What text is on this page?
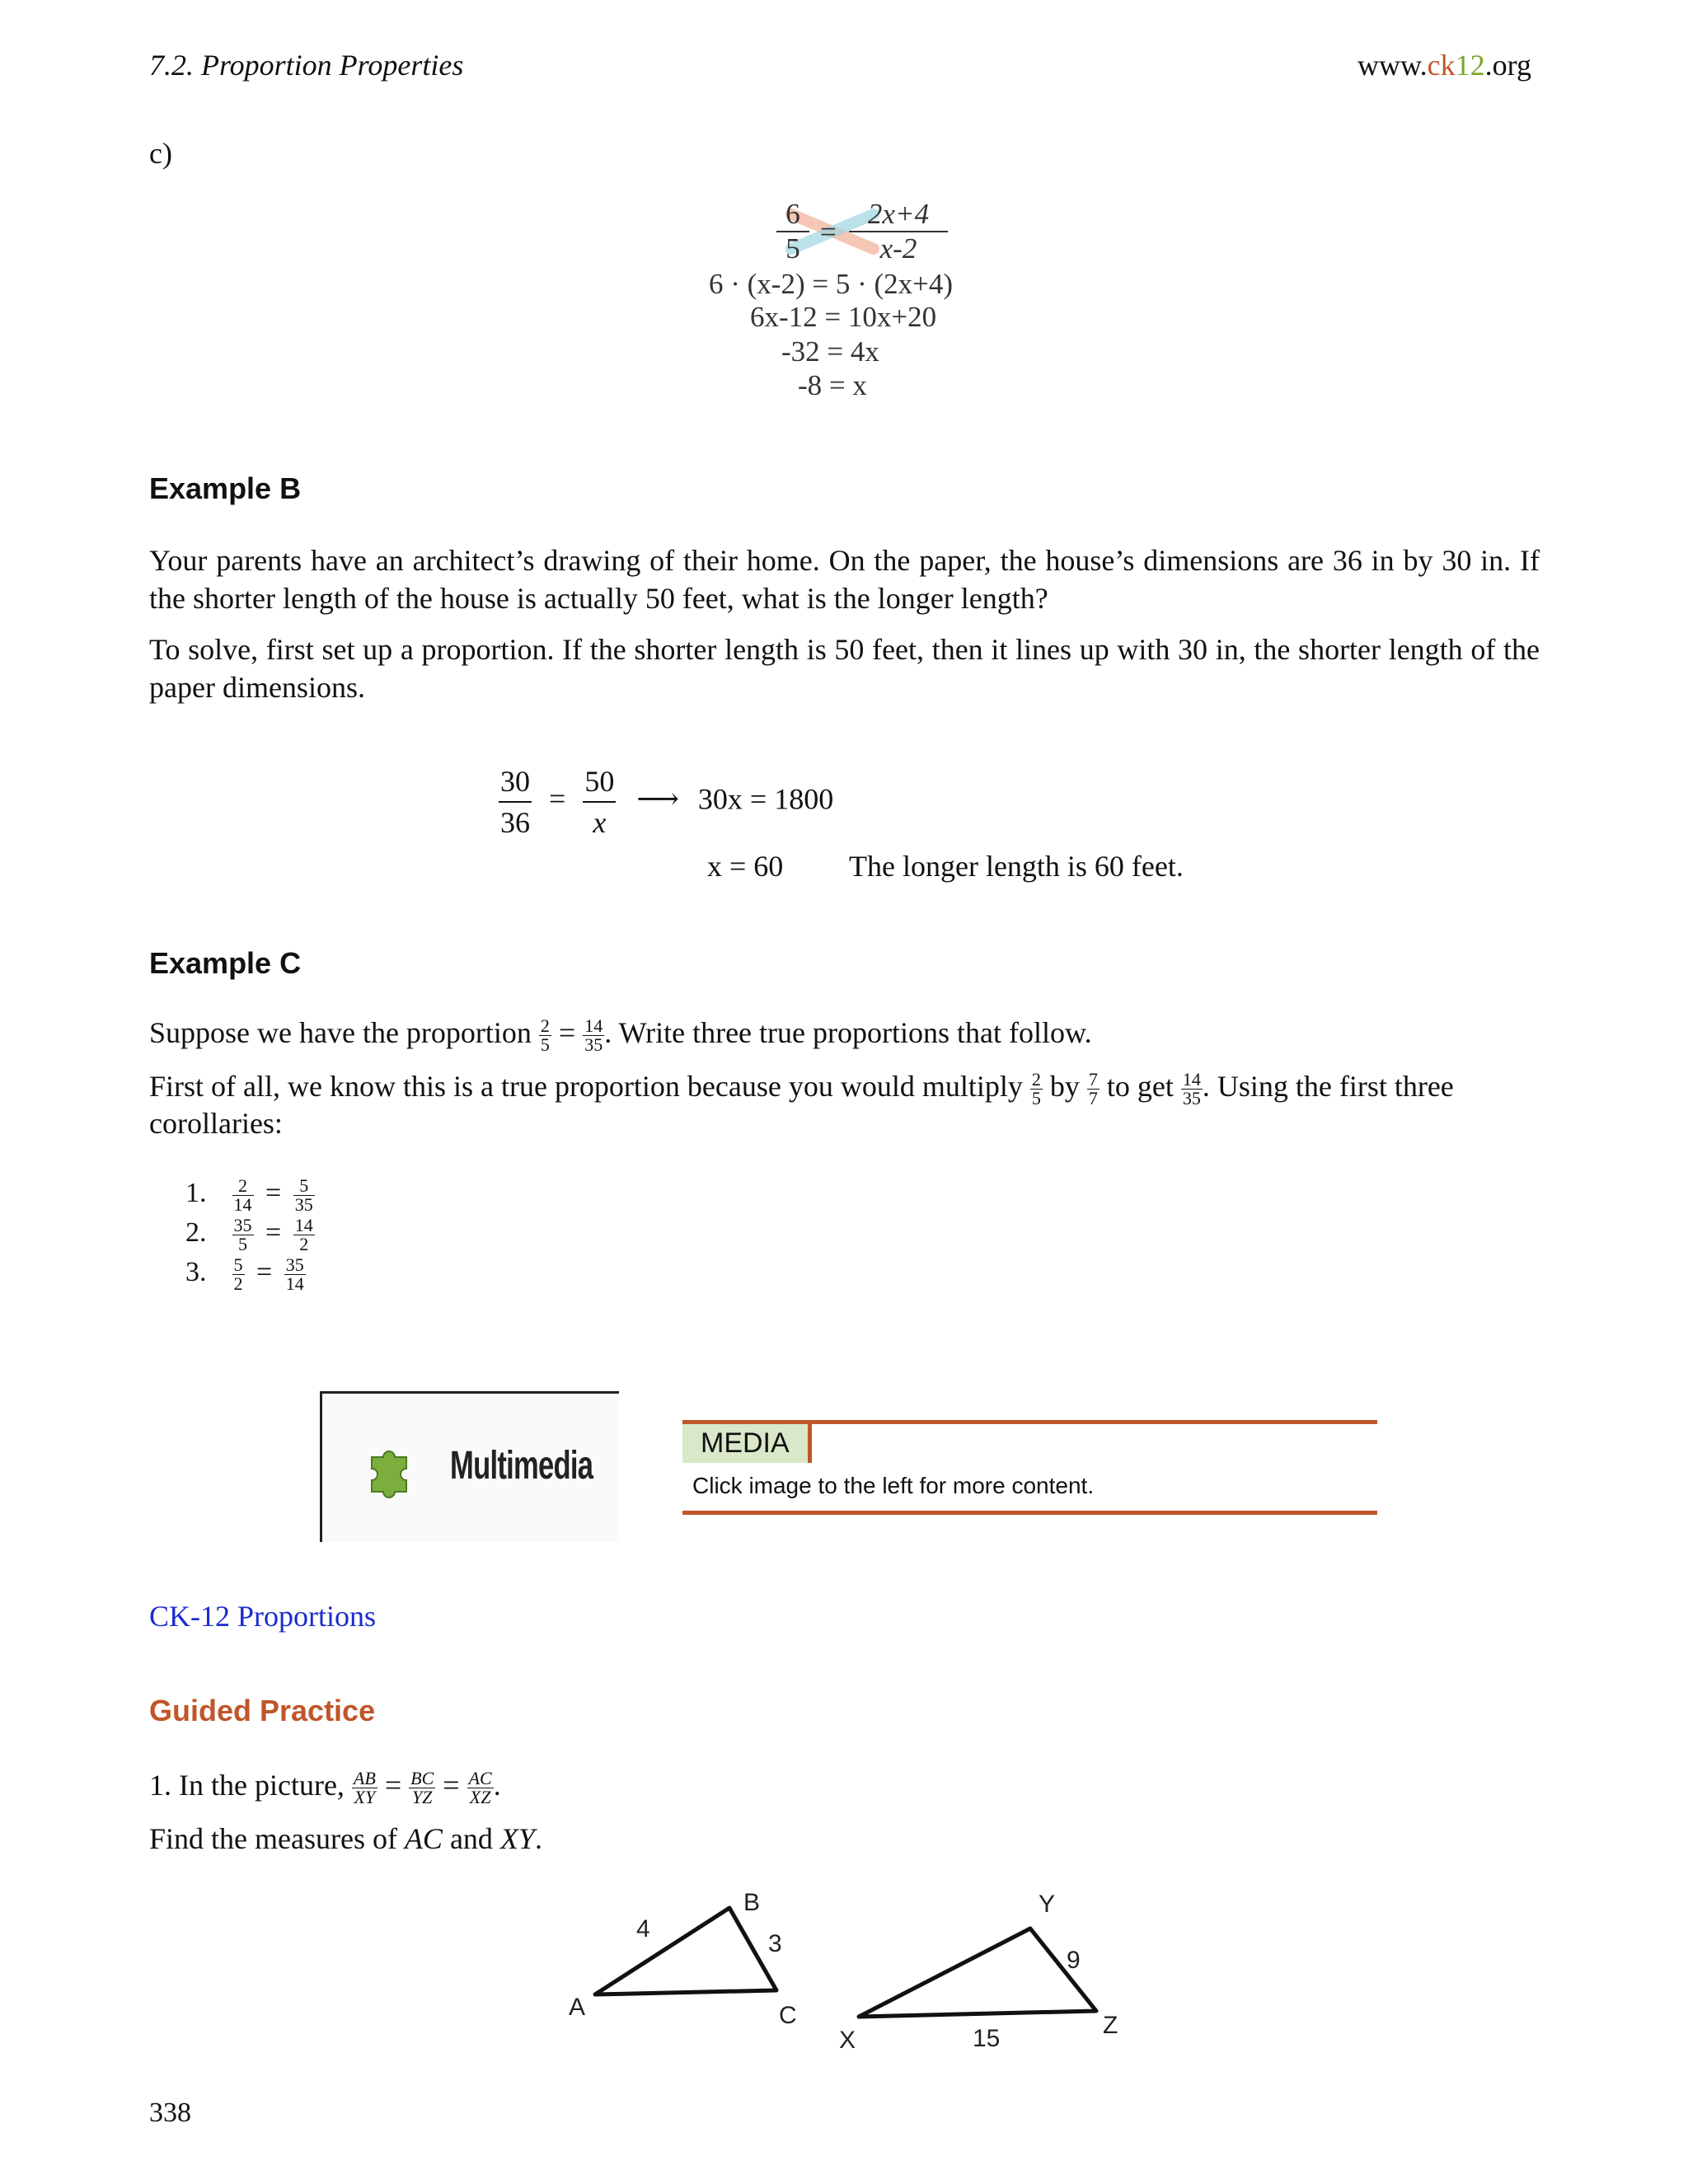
7.2. Proportion Properties	www.ck12.org
c)
$\frac{6}{5} = \frac{2x+4}{x-2}$
6 · (x-2) = 5 · (2x+4)
6x-12 = 10x+20
-32 = 4x
-8 = x
Example B
Your parents have an architect’s drawing of their home. On the paper, the house’s dimensions are 36 in by 30 in. If the shorter length of the house is actually 50 feet, what is the longer length?
To solve, first set up a proportion. If the shorter length is 50 feet, then it lines up with 30 in, the shorter length of the paper dimensions.
$\frac{30}{36} = \frac{50}{x}$ ⟶ 30x = 1800
x = 60 The longer length is 60 feet.
Example C
Suppose we have the proportion $\frac{2}{5} = \frac{14}{35}$ . Write three true proportions that follow.
First of all, we know this is a true proportion because you would multiply $\frac{2}{5}$ by $\frac{7}{7}$ to get $\frac{14}{35}$ . Using the first three
corollaries:
1. $\frac{2}{14} = \frac{5}{35}$
2. $\frac{35}{5} = \frac{14}{2}$
3. $\frac{5}{2} = \frac{35}{14}$
Multimedia
MEDIA
Click image to the left for more content.
CK-12 Proportions
Guided Practice
1. In the picture, $\frac{AB}{XY} = \frac{BC}{YZ} = \frac{AC}{XZ}$ .
Find the measures of AC and XY.
A
B
C
4
3
X
Y
Z
9
15
338
